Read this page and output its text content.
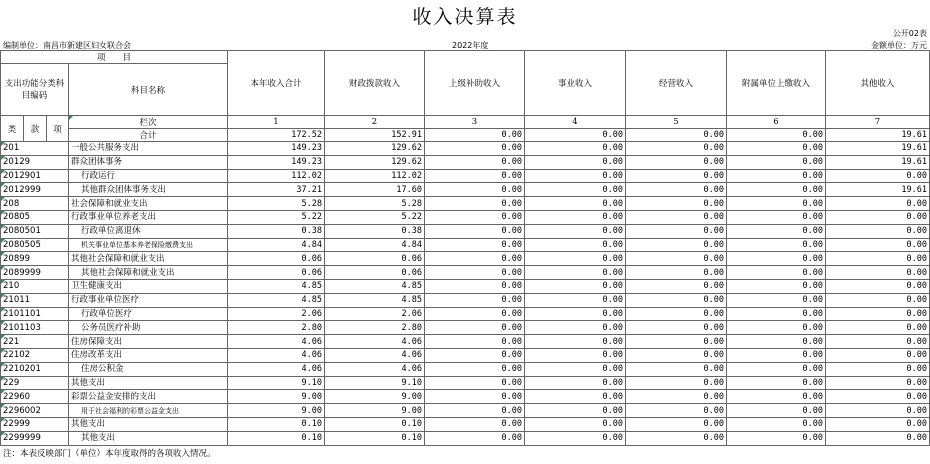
收入决算表
公开02表
编制单位：南昌市新建区妇女联合会	2022年度	金额单位：万元
项　　目				本年收入合计	财政拨款收入	上级补助收入	事业收入	经营收入	附属单位上缴收入	其他收入
支出功能分类科目编码			科目名称							
类	款	项	栏次	1	2	3	4	5	6	7
			合计	172.52	152.91	0.00	0.00	0.00	0.00	19.61
201			一般公共服务支出	149.23	129.62	0.00	0.00	0.00	0.00	19.61
20129			群众团体事务	149.23	129.62	0.00	0.00	0.00	0.00	19.61
2012901			行政运行	112.02	112.02	0.00	0.00	0.00	0.00	0.00
2012999			其他群众团体事务支出	37.21	17.60	0.00	0.00	0.00	0.00	19.61
208			社会保障和就业支出	5.28	5.28	0.00	0.00	0.00	0.00	0.00
20805			行政事业单位养老支出	5.22	5.22	0.00	0.00	0.00	0.00	0.00
2080501			行政单位离退休	0.38	0.38	0.00	0.00	0.00	0.00	0.00
2080505			机关事业单位基本养老保险缴费支出	4.84	4.84	0.00	0.00	0.00	0.00	0.00
20899			其他社会保障和就业支出	0.06	0.06	0.00	0.00	0.00	0.00	0.00
2089999			其他社会保障和就业支出	0.06	0.06	0.00	0.00	0.00	0.00	0.00
210			卫生健康支出	4.85	4.85	0.00	0.00	0.00	0.00	0.00
21011			行政事业单位医疗	4.85	4.85	0.00	0.00	0.00	0.00	0.00
2101101			行政单位医疗	2.06	2.06	0.00	0.00	0.00	0.00	0.00
2101103			公务员医疗补助	2.80	2.80	0.00	0.00	0.00	0.00	0.00
221			住房保障支出	4.06	4.06	0.00	0.00	0.00	0.00	0.00
22102			住房改革支出	4.06	4.06	0.00	0.00	0.00	0.00	0.00
2210201			住房公积金	4.06	4.06	0.00	0.00	0.00	0.00	0.00
229			其他支出	9.10	9.10	0.00	0.00	0.00	0.00	0.00
22960			彩票公益金安排的支出	9.00	9.00	0.00	0.00	0.00	0.00	0.00
2296002			用于社会福利的彩票公益金支出	9.00	9.00	0.00	0.00	0.00	0.00	0.00
22999			其他支出	0.10	0.10	0.00	0.00	0.00	0.00	0.00
2299999			其他支出	0.10	0.10	0.00	0.00	0.00	0.00	0.00
注：本表反映部门（单位）本年度取得的各项收入情况。
